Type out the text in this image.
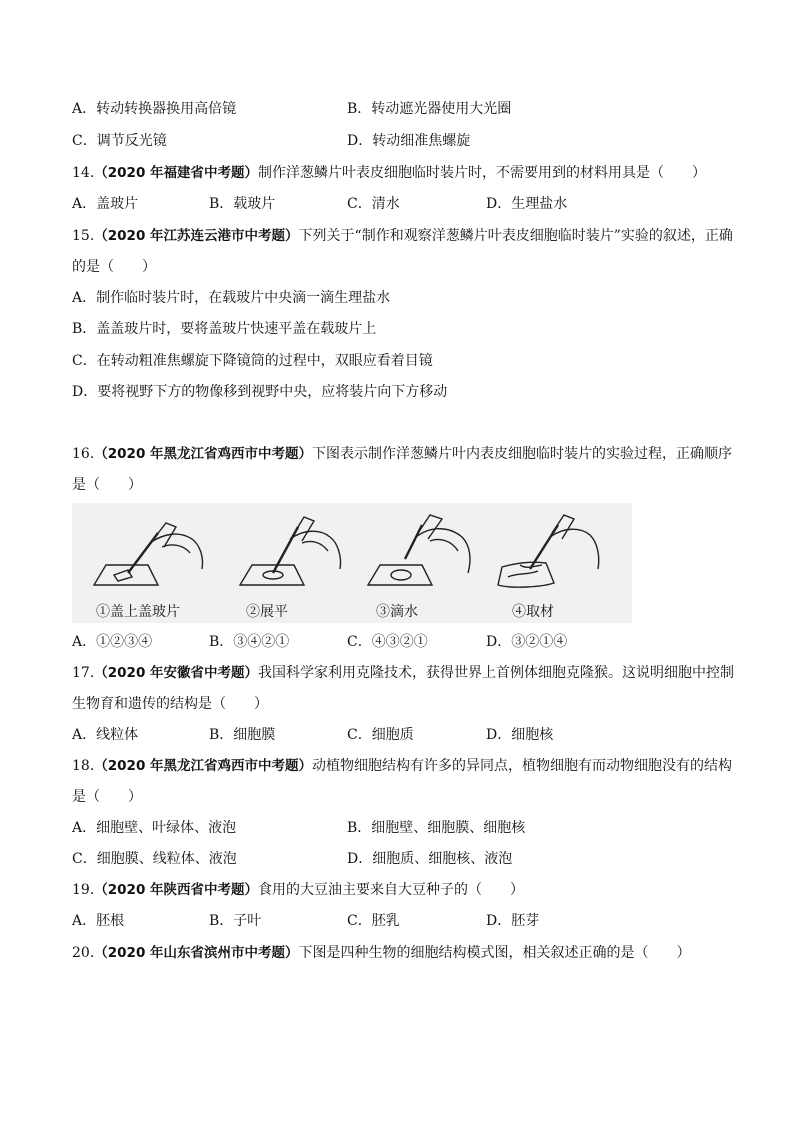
A．转动转换器换用高倍镜	B．转动遮光器使用大光圈
C．调节反光镜	D．转动细准焦螺旋
14.（2020 年福建省中考题）制作洋葱鳞片叶表皮细胞临时装片时，不需要用到的材料用具是（　　）
A．盖玻片	B．载玻片	C．清水	D．生理盐水
15.（2020 年江苏连云港市中考题）下列关于“制作和观察洋葱鳞片叶表皮细胞临时装片”实验的叙述，正确
的是（　　）
A．制作临时装片时，在载玻片中央滴一滴生理盐水
B．盖盖玻片时，要将盖玻片快速平盖在载玻片上
C．在转动粗准焦螺旋下降镜筒的过程中，双眼应看着目镜
D．要将视野下方的物像移到视野中央，应将装片向下方移动
16.（2020 年黑龙江省鸡西市中考题）下图表示制作洋葱鳞片叶内表皮细胞临时装片的实验过程，正确顺序
是（　　）
①盖上盖玻片	②展平	③滴水	④取材
A．①②③④	B．③④②①	C．④③②①	D．③②①④
17.（2020 年安徽省中考题）我国科学家利用克隆技术，获得世界上首例体细胞克隆猴。这说明细胞中控制
生物育和遗传的结构是（　　）
A．线粒体	B．细胞膜	C．细胞质	D．细胞核
18.（2020 年黑龙江省鸡西市中考题）动植物细胞结构有许多的异同点，植物细胞有而动物细胞没有的结构
是（　　）
A．细胞壁、叶绿体、液泡	B．细胞壁、细胞膜、细胞核
C．细胞膜、线粒体、液泡	D．细胞质、细胞核、液泡
19.（2020 年陕西省中考题）食用的大豆油主要来自大豆种子的（　　）
A．胚根	B．子叶	C．胚乳	D．胚芽
20.（2020 年山东省滨州市中考题）下图是四种生物的细胞结构模式图，相关叙述正确的是（　　）
